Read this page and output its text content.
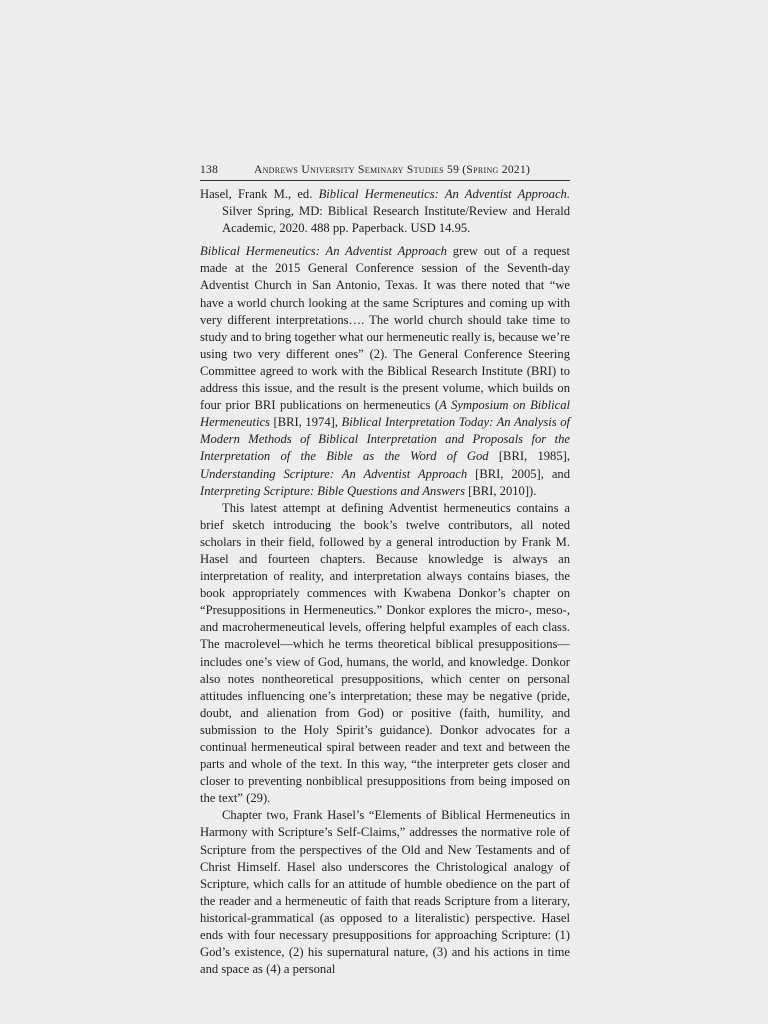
138	Andrews University Seminary Studies 59 (Spring 2021)

Hasel, Frank M., ed. Biblical Hermeneutics: An Adventist Approach. Silver Spring, MD: Biblical Research Institute/Review and Herald Academic, 2020. 488 pp. Paperback. USD 14.95.

Biblical Hermeneutics: An Adventist Approach grew out of a request made at the 2015 General Conference session of the Seventh-day Adventist Church in San Antonio, Texas. It was there noted that “we have a world church looking at the same Scriptures and coming up with very different interpretations…. The world church should take time to study and to bring together what our hermeneutic really is, because we’re using two very different ones” (2). The General Conference Steering Committee agreed to work with the Biblical Research Institute (BRI) to address this issue, and the result is the present volume, which builds on four prior BRI publications on hermeneutics (A Symposium on Biblical Hermeneutics [BRI, 1974], Biblical Interpretation Today: An Analysis of Modern Methods of Biblical Interpretation and Proposals for the Interpretation of the Bible as the Word of God [BRI, 1985], Understanding Scripture: An Adventist Approach [BRI, 2005], and Interpreting Scripture: Bible Questions and Answers [BRI, 2010]).

This latest attempt at defining Adventist hermeneutics contains a brief sketch introducing the book’s twelve contributors, all noted scholars in their field, followed by a general introduction by Frank M. Hasel and fourteen chapters. Because knowledge is always an interpretation of reality, and interpretation always contains biases, the book appropriately commences with Kwabena Donkor’s chapter on “Presuppositions in Hermeneutics.” Donkor explores the micro-, meso-, and macrohermeneutical levels, offering helpful examples of each class. The macrolevel—which he terms theoretical biblical presuppositions—includes one’s view of God, humans, the world, and knowledge. Donkor also notes nontheoretical presuppositions, which center on personal attitudes influencing one’s interpretation; these may be negative (pride, doubt, and alienation from God) or positive (faith, humility, and submission to the Holy Spirit’s guidance). Donkor advocates for a continual hermeneutical spiral between reader and text and between the parts and whole of the text. In this way, “the interpreter gets closer and closer to preventing nonbiblical presuppositions from being imposed on the text” (29).

Chapter two, Frank Hasel’s “Elements of Biblical Hermeneutics in Harmony with Scripture’s Self-Claims,” addresses the normative role of Scripture from the perspectives of the Old and New Testaments and of Christ Himself. Hasel also underscores the Christological analogy of Scripture, which calls for an attitude of humble obedience on the part of the reader and a hermeneutic of faith that reads Scripture from a literary, historical-grammatical (as opposed to a literalistic) perspective. Hasel ends with four necessary presuppositions for approaching Scripture: (1) God’s existence, (2) his supernatural nature, (3) and his actions in time and space as (4) a personal
